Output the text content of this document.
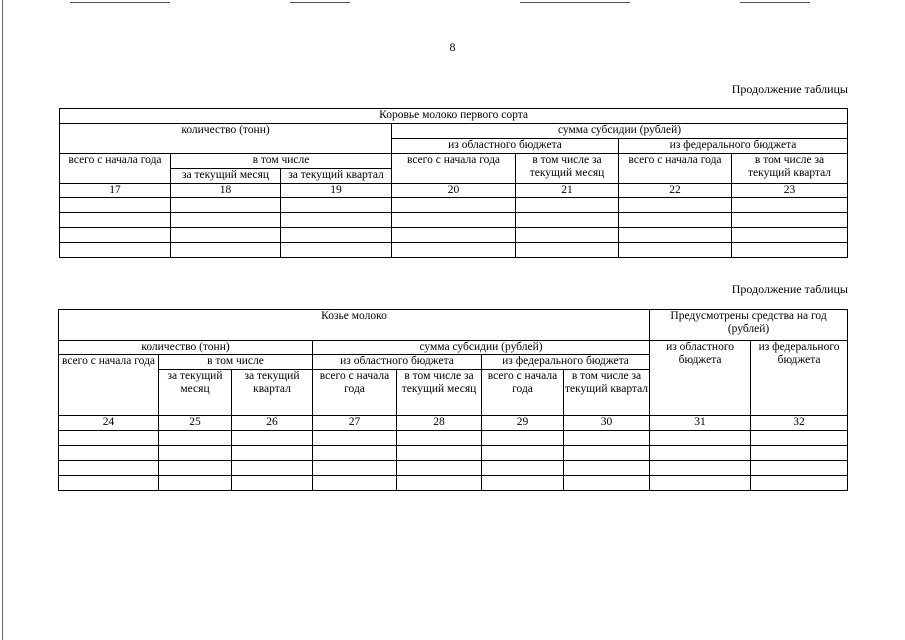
8
Продолжение таблицы
Коровье молоко первого сорта						
количество (тонн)			сумма субсидии (рублей)			
			из областного бюджета		из федерального бюджета	
всего с начала года	в том числе		всего с начала года	в том числе за текущий месяц	всего с начала года	в том числе за текущий квартал
	за текущий месяц	за текущий квартал				
17	18	19	20	21	22	23

Продолжение таблицы
Козье молоко							Предусмотрены средства на год (рублей)	
количество (тонн)			сумма субсидии (рублей)				из областного бюджета	из федерального бюджета
всего с начала года	в том числе		из областного бюджета		из федерального бюджета			
	за текущий месяц	за текущий квартал	всего с начала года	в том числе за текущий месяц	всего с начала года	в том числе за текущий квартал		
24	25	26	27	28	29	30	31	32
